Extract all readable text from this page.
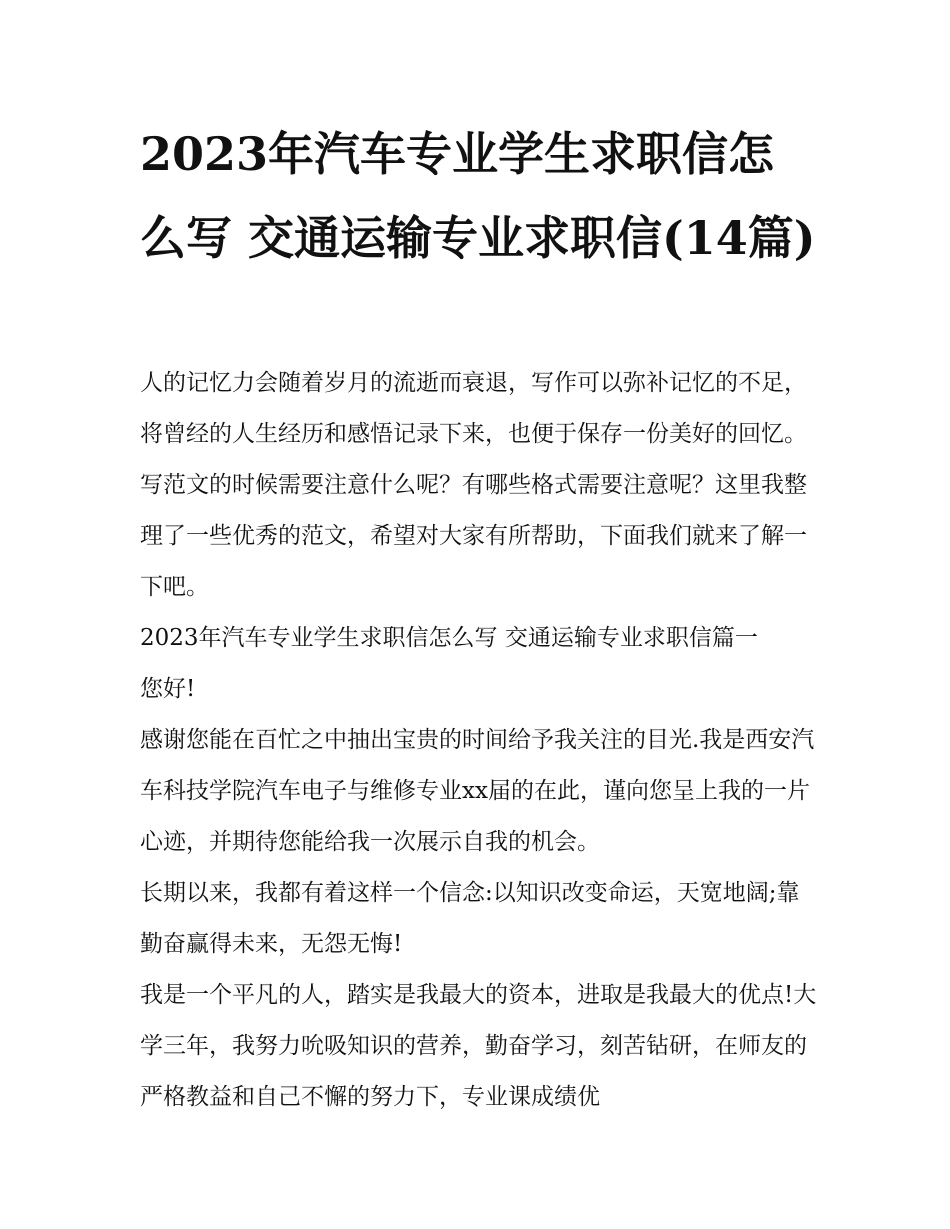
2023年汽车专业学生求职信怎么写 交通运输专业求职信(14篇)

人的记忆力会随着岁月的流逝而衰退，写作可以弥补记忆的不足，将曾经的人生经历和感悟记录下来，也便于保存一份美好的回忆。写范文的时候需要注意什么呢？有哪些格式需要注意呢？这里我整理了一些优秀的范文，希望对大家有所帮助，下面我们就来了解一下吧。

2023年汽车专业学生求职信怎么写 交通运输专业求职信篇一

您好!

感谢您能在百忙之中抽出宝贵的时间给予我关注的目光.我是西安汽车科技学院汽车电子与维修专业xx届的在此，谨向您呈上我的一片心迹，并期待您能给我一次展示自我的机会。

长期以来，我都有着这样一个信念:以知识改变命运，天宽地阔;靠勤奋赢得未来，无怨无悔!

我是一个平凡的人，踏实是我最大的资本，进取是我最大的优点!大学三年，我努力吮吸知识的营养，勤奋学习，刻苦钻研，在师友的严格教益和自己不懈的努力下，专业课成绩优
